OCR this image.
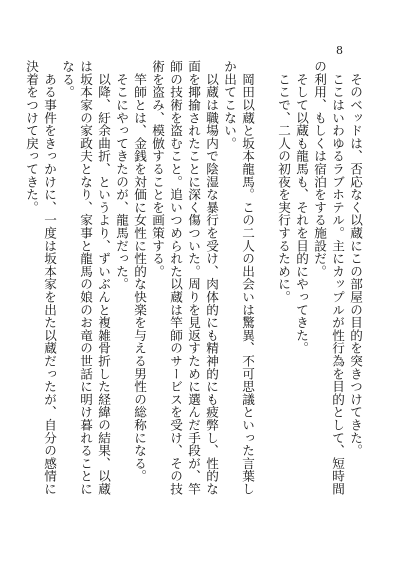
8

　そのベッドは、否応なく以蔵にこの部屋の目的を突きつけてきた。

　ここはいわゆるラブホテル。主にカップルが性行為を目的として、短時間の利用、もしくは宿泊をする施設だ。

　そして以蔵も龍馬も、それを目的にやってきた。

　ここで、二人の初夜を実行するために。

　岡田以蔵と坂本龍馬。この二人の出会いは驚異、不可思議といった言葉しか出てこない。

　以蔵は職場内で陰湿な暴行を受け、肉体的にも精神的にも疲弊し、性的な面を揶揄されたことに深く傷ついた。周りを見返すために選んだ手段が、竿師の技術を盗むこと。追いつめられた以蔵は竿師のサービスを受け、その技術を盗み、模倣することを画策する。

　竿師とは、金銭を対価に女性に性的な快楽を与える男性の総称になる。

　そこにやってきたのが、龍馬だった。

　以降、紆余曲折、というより、ずいぶんと複雑骨折した経緯の結果、以蔵は坂本家の家政夫となり、家事と龍馬の娘のお竜の世話に明け暮れることになる。

　ある事件をきっかけに、一度は坂本家を出た以蔵だったが、自分の感情に決着をつけて戻ってきた。
